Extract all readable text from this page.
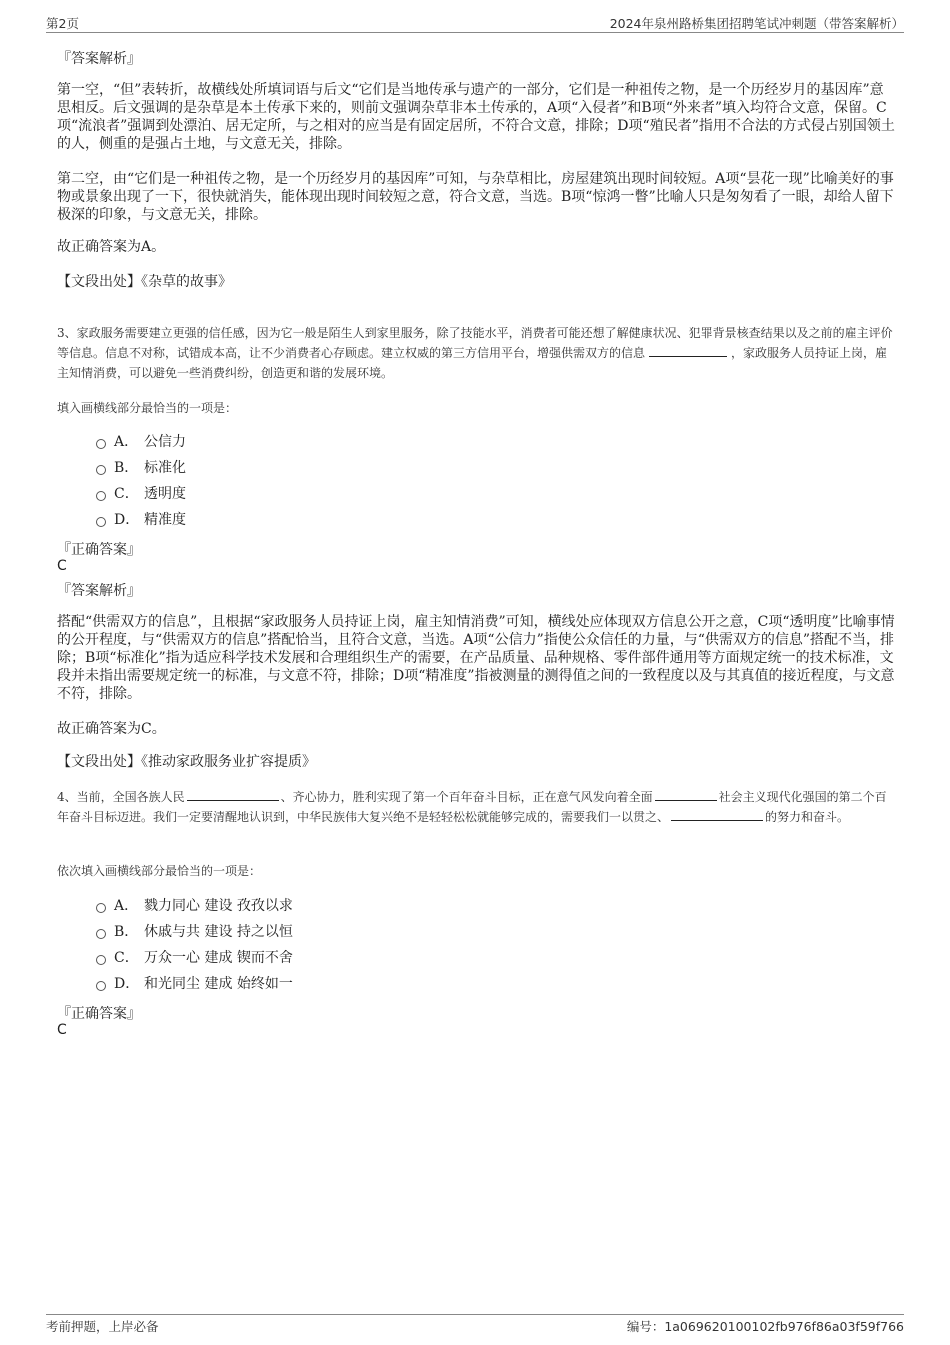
第2页	2024年泉州路桥集团招聘笔试冲刺题（带答案解析）
『答案解析』
第一空，“但”表转折，故横线处所填词语与后文“它们是当地传承与遗产的一部分，它们是一种祖传之物，是一个历经岁月的基因库”意思相反。后文强调的是杂草是本土传承下来的，则前文强调杂草非本土传承的，A项“入侵者”和B项“外来者”填入均符合文意，保留。C项“流浪者”强调到处漂泊、居无定所，与之相对的应当是有固定居所，不符合文意，排除；D项“殖民者”指用不合法的方式侵占别国领土的人，侧重的是强占土地，与文意无关，排除。
第二空，由“它们是一种祖传之物，是一个历经岁月的基因库”可知，与杂草相比，房屋建筑出现时间较短。A项“昙花一现”比喻美好的事物或景象出现了一下，很快就消失，能体现出现时间较短之意，符合文意，当选。B项“惊鸿一瞥”比喻人只是匆匆看了一眼，却给人留下极深的印象，与文意无关，排除。
故正确答案为A。
【文段出处】《杂草的故事》
3、家政服务需要建立更强的信任感，因为它一般是陌生人到家里服务，除了技能水平，消费者可能还想了解健康状况、犯罪背景核查结果以及之前的雇主评价等信息。信息不对称，试错成本高，让不少消费者心存顾虑。建立权威的第三方信用平台，增强供需双方的信息	，家政服务人员持证上岗，雇主知情消费，可以避免一些消费纠纷，创造更和谐的发展环境。
填入画横线部分最恰当的一项是：
A． 公信力
B． 标准化
C． 透明度
D． 精准度
『正确答案』
C
『答案解析』
搭配“供需双方的信息”，且根据“家政服务人员持证上岗，雇主知情消费”可知，横线处应体现双方信息公开之意，C项“透明度”比喻事情的公开程度，与“供需双方的信息”搭配恰当，且符合文意，当选。A项“公信力”指使公众信任的力量，与“供需双方的信息”搭配不当，排除；B项“标准化”指为适应科学技术发展和合理组织生产的需要，在产品质量、品种规格、零件部件通用等方面规定统一的技术标准，文段并未指出需要规定统一的标准，与文意不符，排除；D项“精准度”指被测量的测得值之间的一致程度以及与其真值的接近程度，与文意不符，排除。
故正确答案为C。
【文段出处】《推动家政服务业扩容提质》
4、当前，全国各族人民	、齐心协力，胜利实现了第一个百年奋斗目标，正在意气风发向着全面	社会主义现代化强国的第二个百年奋斗目标迈进。我们一定要清醒地认识到，中华民族伟大复兴绝不是轻轻松松就能够完成的，需要我们一以贯之、	的努力和奋斗。
依次填入画横线部分最恰当的一项是：
A． 戮力同心 建设 孜孜以求
B． 休戚与共 建设 持之以恒
C． 万众一心 建成 锲而不舍
D． 和光同尘 建成 始终如一
『正确答案』
C
考前押题，上岸必备	编号：1a069620100102fb976f86a03f59f766
